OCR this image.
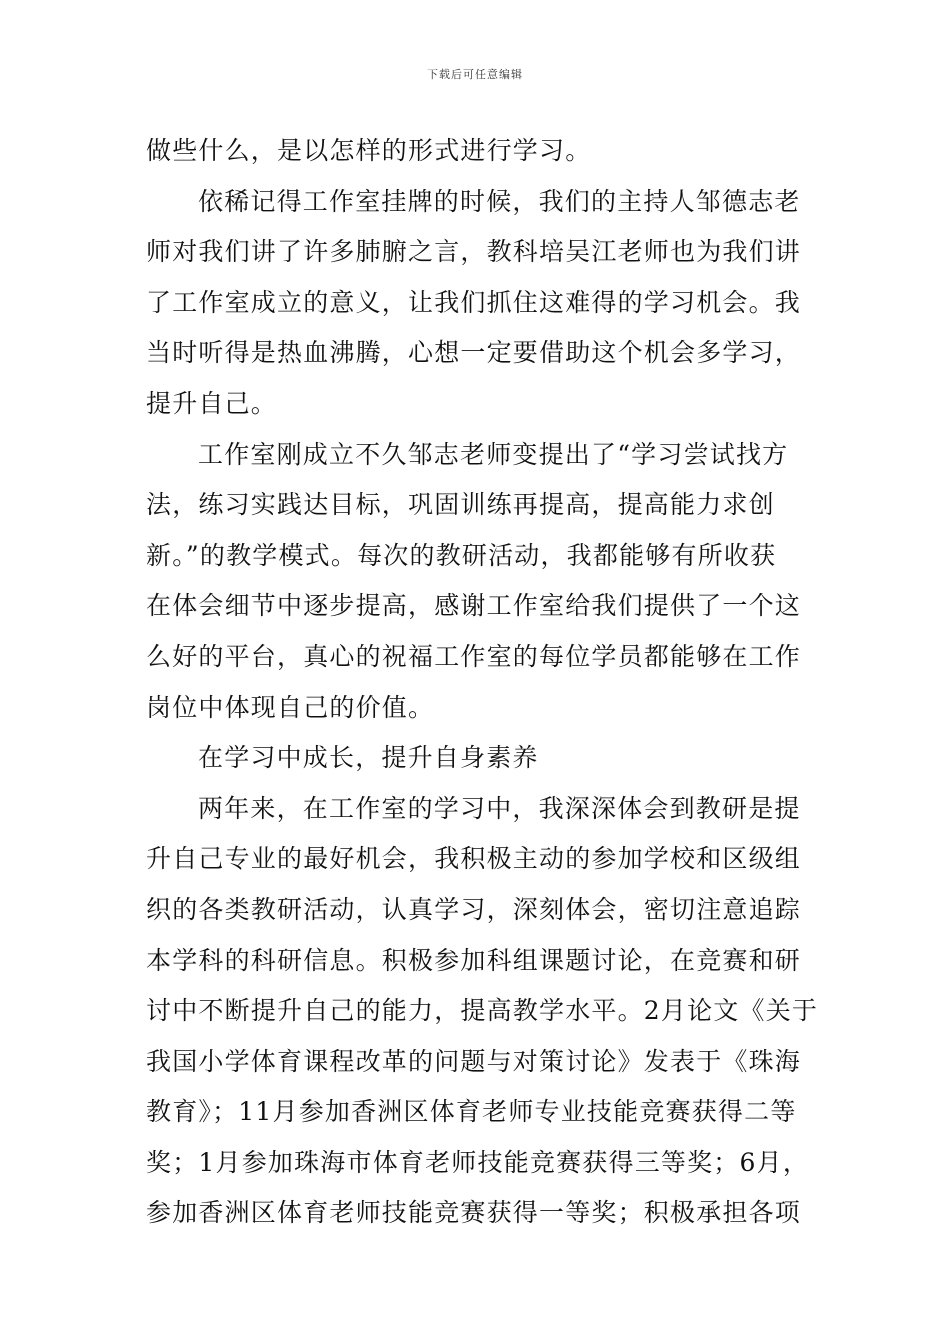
下载后可任意编辑
做些什么，是以怎样的形式进行学习。
依稀记得工作室挂牌的时候，我们的主持人邹德志老
师对我们讲了许多肺腑之言，教科培吴江老师也为我们讲
了工作室成立的意义，让我们抓住这难得的学习机会。我
当时听得是热血沸腾，心想一定要借助这个机会多学习，
提升自己。
工作室刚成立不久邹志老师变提出了“学习尝试找方
法，练习实践达目标，巩固训练再提高，提高能力求创
新。”的教学模式。每次的教研活动，我都能够有所收获
在体会细节中逐步提高，感谢工作室给我们提供了一个这
么好的平台，真心的祝福工作室的每位学员都能够在工作
岗位中体现自己的价值。
在学习中成长，提升自身素养
两年来，在工作室的学习中，我深深体会到教研是提
升自己专业的最好机会，我积极主动的参加学校和区级组
织的各类教研活动，认真学习，深刻体会，密切注意追踪
本学科的科研信息。积极参加科组课题讨论，在竞赛和研
讨中不断提升自己的能力，提高教学水平。2月论文《关于
我国小学体育课程改革的问题与对策讨论》发表于《珠海
教育》；11月参加香洲区体育老师专业技能竞赛获得二等
奖；1月参加珠海市体育老师技能竞赛获得三等奖；6月，
参加香洲区体育老师技能竞赛获得一等奖；积极承担各项
